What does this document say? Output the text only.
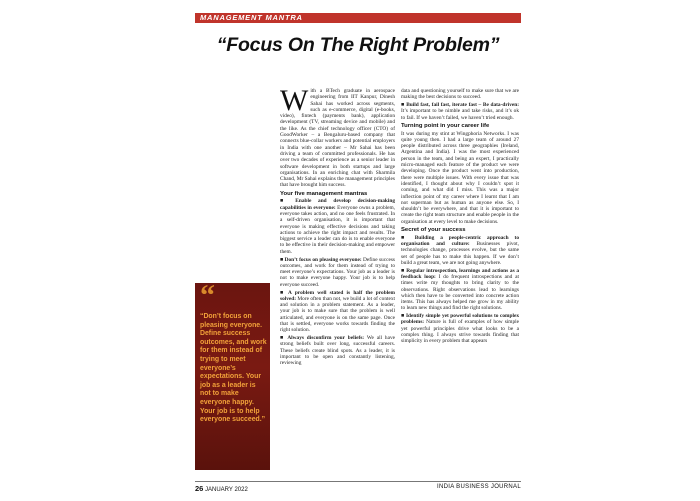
MANAGEMENT MANTRA
“Focus On The Right Problem”
“
“Don’t focus on pleasing everyone. Define success outcomes, and work for them instead of trying to meet everyone’s expectations. Your job as a leader is not to make everyone happy. Your job is to help everyone succeed.”

With a BTech graduate in aerospace engineering from IIT Kanpur, Dinesh Sahai has worked across segments, such as e-commerce, digital (e-books, video), fintech (payments bank), application development (TV, streaming device and mobile) and the like. As the chief technology officer (CTO) of GoodWorker – a Bengaluru-based company that connects blue-collar workers and potential employers in India with one another – Mr Sahai has been driving a team of committed professionals. He has over two decades of experience as a senior leader in software development in both startups and large organisations. In an enriching chat with Sharmila Chand, Mr Sahai explains the management principles that have brought him success.

Your five management mantras

■ Enable and develop decision-making capabilities in everyone: Everyone owns a problem, everyone takes action, and no one feels frustrated. In a self-driven organisation, it is important that everyone is making effective decisions and taking actions to achieve the right impact and results. The biggest service a leader can do is to enable everyone to be effective in their decision-making and empower them.

■ Don’t focus on pleasing everyone: Define success outcomes, and work for them instead of trying to meet everyone’s expectations. Your job as a leader is not to make everyone happy. Your job is to help everyone succeed.

■ A problem well stated is half the problem solved: More often than not, we build a lot of context and solution in a problem statement. As a leader, your job is to make sure that the problem is well articulated, and everyone is on the same page. Once that is settled, everyone works towards finding the right solution.

■ Always disconfirm your beliefs: We all have strong beliefs built over long, successful careers. These beliefs create blind spots. As a leader, it is important to be open and constantly listening, reviewing

data and questioning yourself to make sure that we are making the best decisions to succeed.

■ Build fast, fail fast, iterate fast – Be data-driven: It’s important to be nimble and take risks, and it’s ok to fail. If we haven’t failed, we haven’t tried enough.

Turning point in your career life

It was during my stint at Wingphoria Networks. I was quite young then. I had a large team of around 27 people distributed across three geographies (Ireland, Argentina and India). I was the most experienced person in the team, and being an expert, I practically micro-managed each feature of the product we were developing. Once the product went into production, there were multiple issues. With every issue that was identified, I thought about why I couldn’t spot it coming, and what did I miss. This was a major inflection point of my career where I learnt that I am not superman but as human as anyone else. So, I shouldn’t be everywhere, and that it is important to create the right team structure and enable people in the organisation at every level to make decisions.

Secret of your success

■ Building a people-centric approach to organisation and culture: Businesses pivot, technologies change, processes evolve, but the same set of people has to make this happen. If we don’t build a great team, we are not going anywhere.

■ Regular introspection, learnings and actions as a feedback loop: I do frequent introspections and at times write my thoughts to bring clarity to the observations. Right observations lead to learnings which then have to be converted into concrete action items. This has always helped me grow in my ability to learn new things and find the right solutions.

■ Identify simple yet powerful solutions to complex problems: Nature is full of examples of how simple yet powerful principles drive what looks to be a complex thing. I always strive towards finding that simplicity in every problem that appears

26 JANUARY 2022	INDIA BUSINESS JOURNAL
